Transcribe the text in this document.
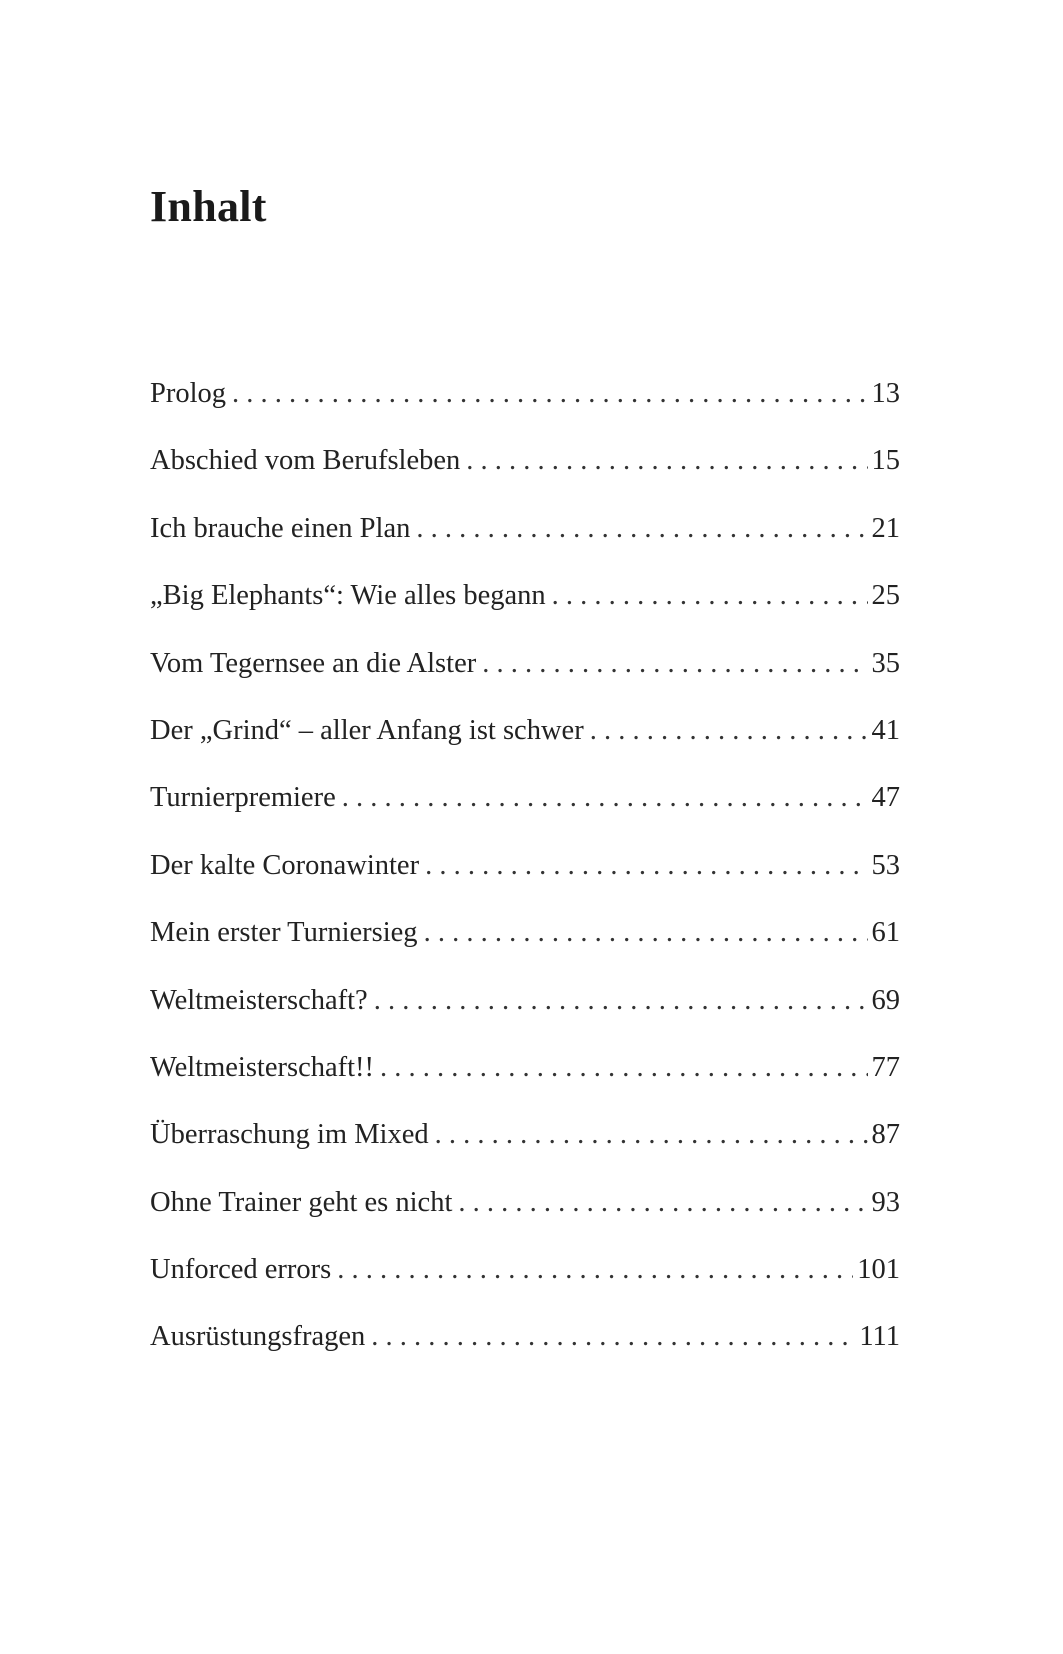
Inhalt
Prolog . . .	13
Abschied vom Berufsleben . . .	15
Ich brauche einen Plan . . .	21
„Big Elephants“: Wie alles begann . . .	25
Vom Tegernsee an die Alster . . .	35
Der „Grind“ – aller Anfang ist schwer . . .	41
Turnierpremiere . . .	47
Der kalte Coronawinter . . .	53
Mein erster Turniersieg . . .	61
Weltmeisterschaft? . . .	69
Weltmeisterschaft!! . . .	77
Überraschung im Mixed . . .	87
Ohne Trainer geht es nicht . . .	93
Unforced errors . . .	101
Ausrüstungsfragen . . .	111
